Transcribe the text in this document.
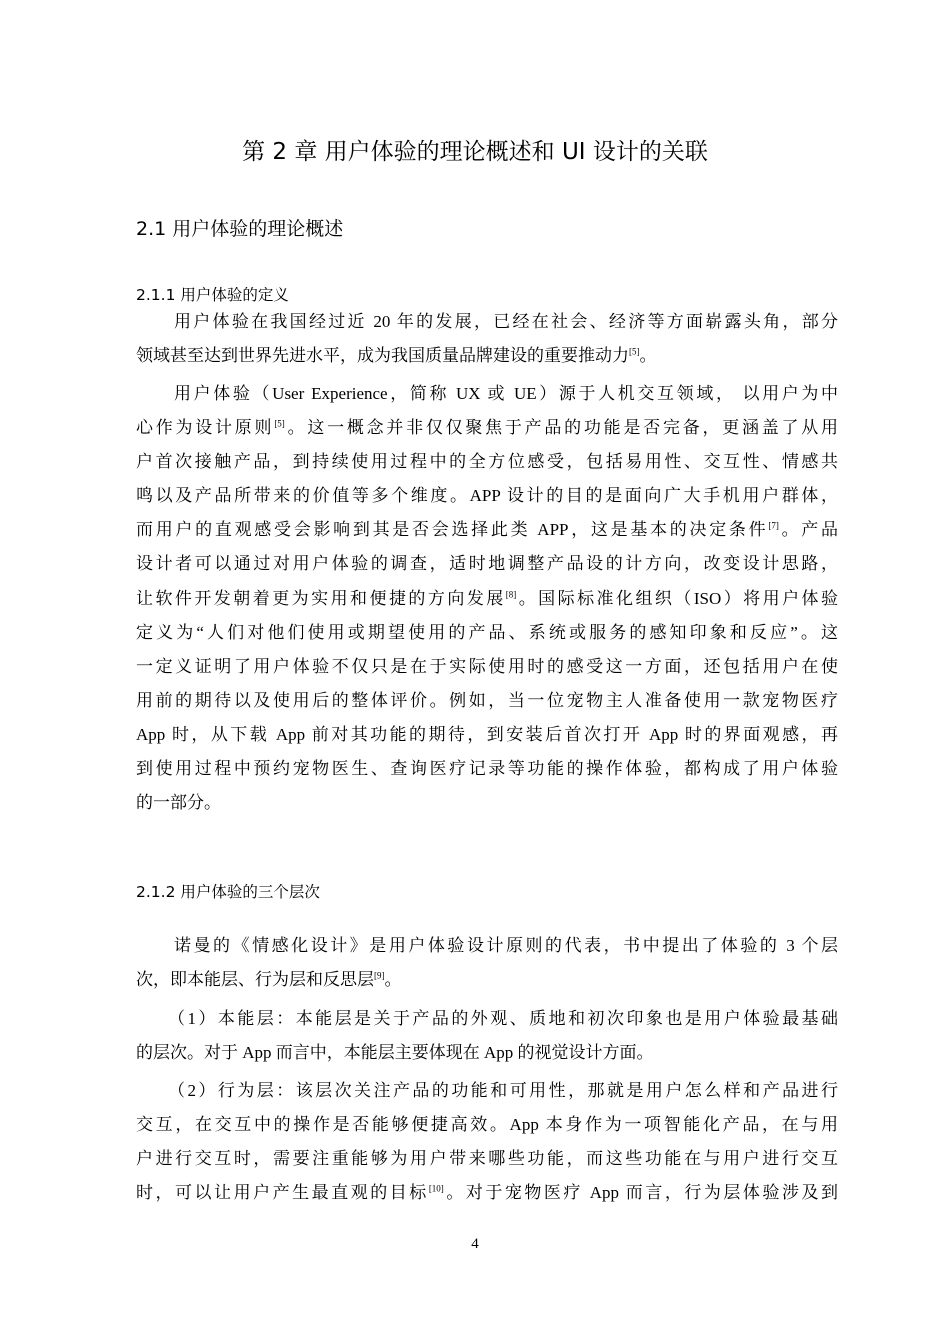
第 2 章 用户体验的理论概述和 UI 设计的关联
2.1 用户体验的理论概述
2.1.1 用户体验的定义
用户体验在我国经过近 20 年的发展，已经在社会、经济等方面崭露头角，部分
领域甚至达到世界先进水平，成为我国质量品牌建设的重要推动力[5]。
用户体验（User Experience，简称 UX 或 UE）源于人机交互领域， 以用户为中
心作为设计原则[5]。这一概念并非仅仅聚焦于产品的功能是否完备，更涵盖了从用
户首次接触产品，到持续使用过程中的全方位感受，包括易用性、交互性、情感共
鸣以及产品所带来的价值等多个维度。APP 设计的目的是面向广大手机用户群体，
而用户的直观感受会影响到其是否会选择此类 APP，这是基本的决定条件[7]。产品
设计者可以通过对用户体验的调查，适时地调整产品设的计方向，改变设计思路，
让软件开发朝着更为实用和便捷的方向发展[8]。国际标准化组织（ISO）将用户体验
定义为“人们对他们使用或期望使用的产品、系统或服务的感知印象和反应”。这
一定义证明了用户体验不仅只是在于实际使用时的感受这一方面，还包括用户在使
用前的期待以及使用后的整体评价。例如，当一位宠物主人准备使用一款宠物医疗
App 时，从下载 App 前对其功能的期待，到安装后首次打开 App 时的界面观感，再
到使用过程中预约宠物医生、查询医疗记录等功能的操作体验，都构成了用户体验
的一部分。
2.1.2 用户体验的三个层次
诺曼的《情感化设计》是用户体验设计原则的代表，书中提出了体验的 3 个层
次，即本能层、行为层和反思层[9]。
（1）本能层：本能层是关于产品的外观、质地和初次印象也是用户体验最基础
的层次。对于 App 而言中，本能层主要体现在 App 的视觉设计方面。
（2）行为层：该层次关注产品的功能和可用性，那就是用户怎么样和产品进行
交互，在交互中的操作是否能够便捷高效。App 本身作为一项智能化产品，在与用
户进行交互时，需要注重能够为用户带来哪些功能，而这些功能在与用户进行交互
时，可以让用户产生最直观的目标[10]。对于宠物医疗 App 而言，行为层体验涉及到
4
